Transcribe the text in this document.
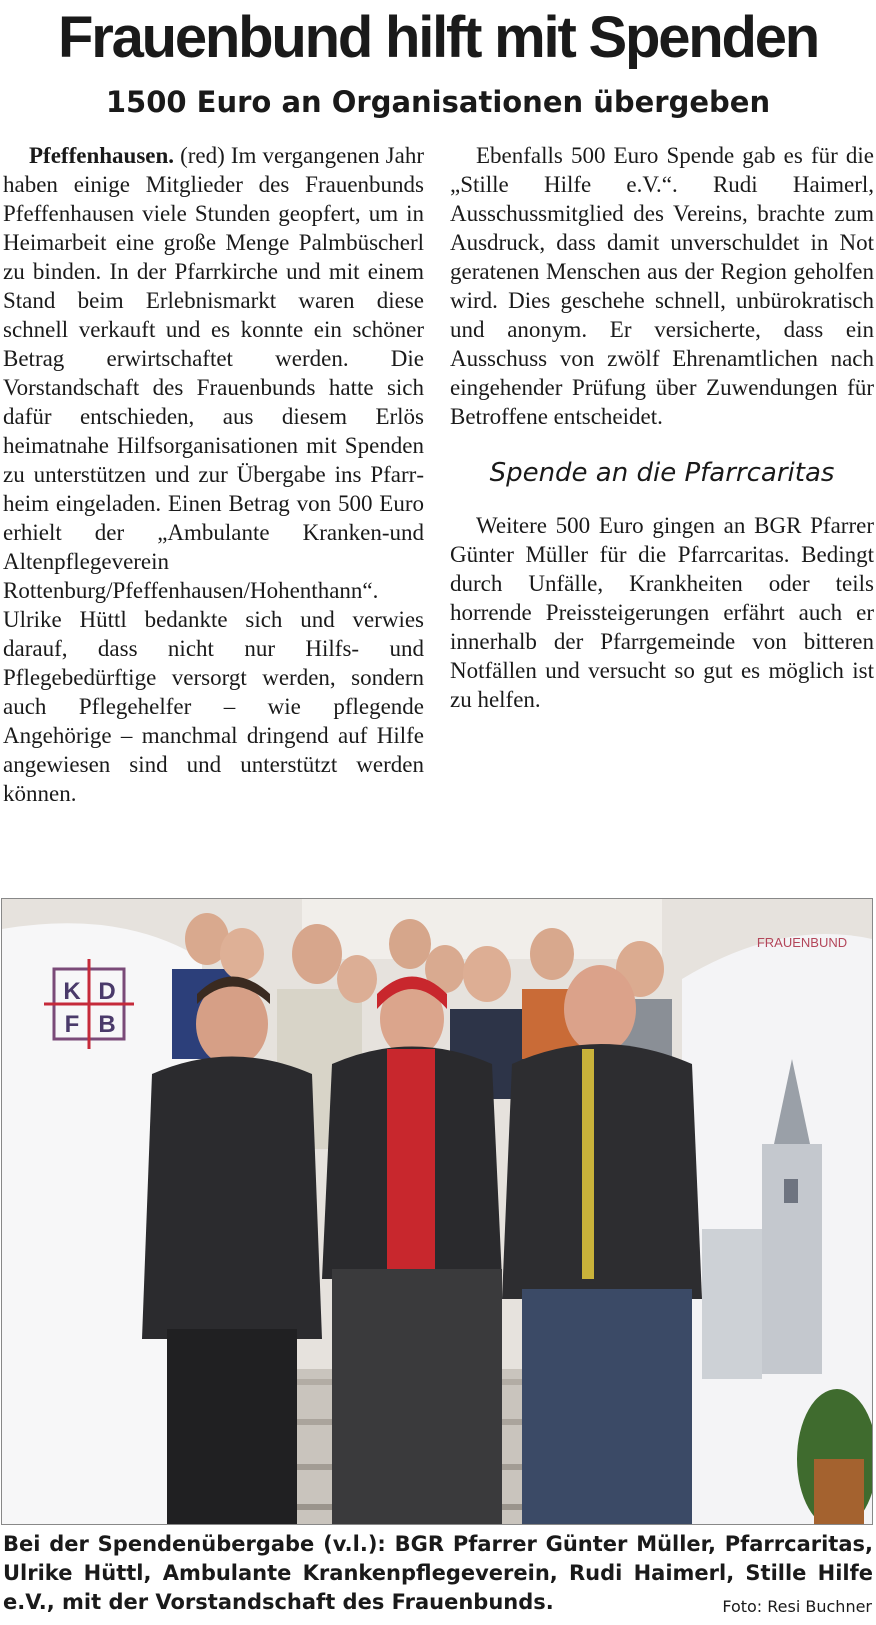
Frauenbund hilft mit Spenden
1500 Euro an Organisationen übergeben

Pfeffenhausen. (red) Im vergangenen Jahr haben einige Mitglieder des Frauenbunds Pfeffenhausen viele Stunden geopfert, um in Heimarbeit eine große Menge Palmbüscherl zu binden. In der Pfarrkirche und mit einem Stand beim Erlebnismarkt waren diese schnell verkauft und es konnte ein schöner Betrag erwirtschaftet werden. Die Vorstandschaft des Frauenbunds hatte sich dafür entschieden, aus diesem Erlös heimatnahe Hilfsorganisationen mit Spenden zu unterstützen und zur Übergabe ins Pfarrheim eingeladen. Einen Betrag von 500 Euro erhielt der „Ambulante Kranken-und Altenpflegeverein Rottenburg/Pfeffenhausen/Hohenthann“. Ulrike Hüttl bedankte sich und verwies darauf, dass nicht nur Hilfs- und Pflegebedürftige versorgt werden, sondern auch Pflegehelfer – wie pflegende Angehörige – manchmal dringend auf Hilfe angewiesen sind und unterstützt werden können.

Ebenfalls 500 Euro Spende gab es für die „Stille Hilfe e.V.“. Rudi Haimerl, Ausschussmitglied des Vereins, brachte zum Ausdruck, dass damit unverschuldet in Not geratenen Menschen aus der Region geholfen wird. Dies geschehe schnell, unbürokratisch und anonym. Er versicherte, dass ein Ausschuss von zwölf Ehrenamtlichen nach eingehender Prüfung über Zuwendungen für Betroffene entscheidet.

Spende an die Pfarrcaritas

Weitere 500 Euro gingen an BGR Pfarrer Günter Müller für die Pfarrcaritas. Bedingt durch Unfälle, Krankheiten oder teils horrende Preissteigerungen erfährt auch er innerhalb der Pfarrgemeinde von bitteren Notfällen und versucht so gut es möglich ist zu helfen.

K D
F B
FRAUENBUND

Bei der Spendenübergabe (v.l.): BGR Pfarrer Günter Müller, Pfarrcaritas, Ulrike Hüttl, Ambulante Krankenpflegeverein, Rudi Haimerl, Stille Hilfe e.V., mit der Vorstandschaft des Frauenbunds.	Foto: Resi Buchner
